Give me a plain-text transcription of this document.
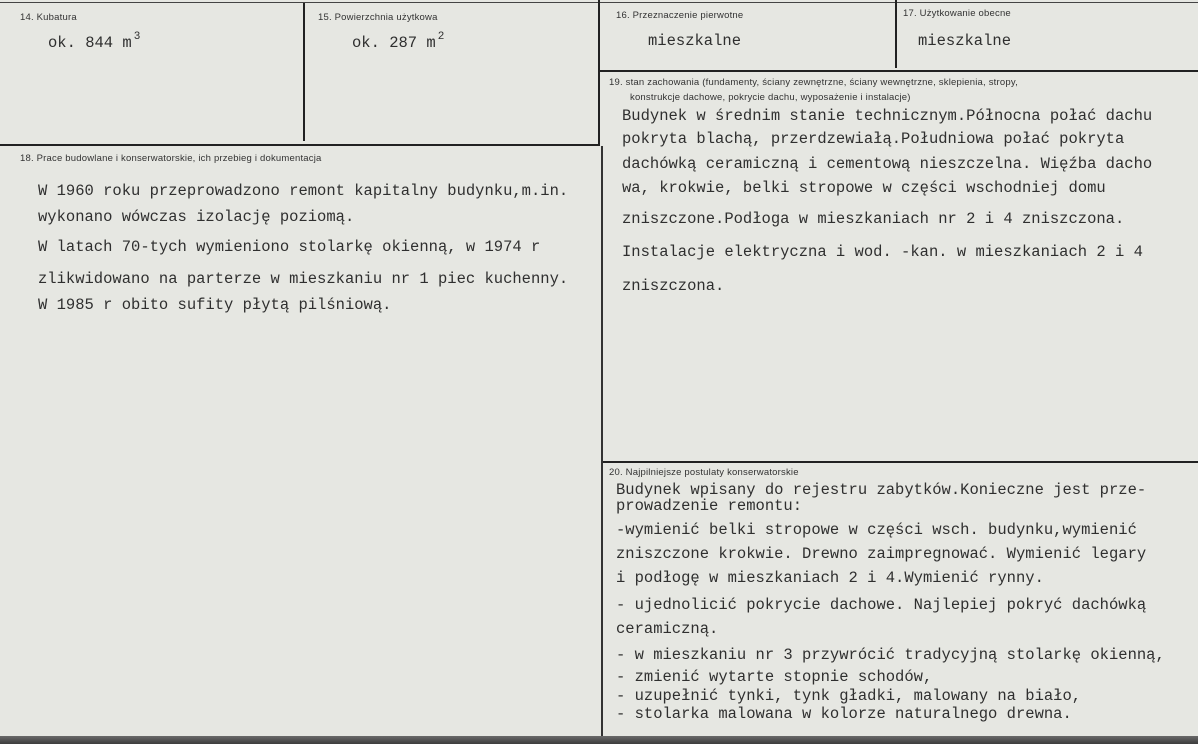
14. Kubatura
ok. 844 m $^3$
15. Powierzchnia użytkowa
ok. 287 m $^2$
16. Przeznaczenie pierwotne
mieszkalne
17. Użytkowanie obecne
mieszkalne
18. Prace budowlane i konserwatorskie, ich przebieg i dokumentacja
W 1960 roku przeprowadzono remont kapitalny budynku,m.in.
wykonano wówczas izolację poziomą.
W latach 70-tych wymieniono stolarkę okienną, w 1974 r
zlikwidowano na parterze w mieszkaniu nr 1 piec kuchenny.
W 1985 r obito sufity płytą pilśniową.
19. stan zachowania (fundamenty, ściany zewnętrzne, ściany wewnętrzne, sklepienia, stropy,
konstrukcje dachowe, pokrycie dachu, wyposażenie i instalacje)
Budynek w średnim stanie technicznym.Północna połać dachu
pokryta blachą, przerdzewiałą.Południowa połać pokryta
dachówką ceramiczną i cementową nieszczelna. Więźba dacho
wa, krokwie, belki stropowe w części wschodniej domu
zniszczone.Podłoga w mieszkaniach nr 2 i 4 zniszczona.
Instalacje elektryczna i wod. -kan. w mieszkaniach 2 i 4
zniszczona.
20. Najpilniejsze postulaty konserwatorskie
Budynek wpisany do rejestru zabytków.Konieczne jest prze-
prowadzenie remontu:
-wymienić belki stropowe w części wsch. budynku,wymienić
zniszczone krokwie. Drewno zaimpregnować. Wymienić legary
i podłogę w mieszkaniach 2 i 4.Wymienić rynny.
- ujednolicić pokrycie dachowe. Najlepiej pokryć dachówką
ceramiczną.
- w mieszkaniu nr 3 przywrócić tradycyjną stolarkę okienną,
- zmienić wytarte stopnie schodów,
- uzupełnić tynki, tynk gładki, malowany na biało,
- stolarka malowana w kolorze naturalnego drewna.
